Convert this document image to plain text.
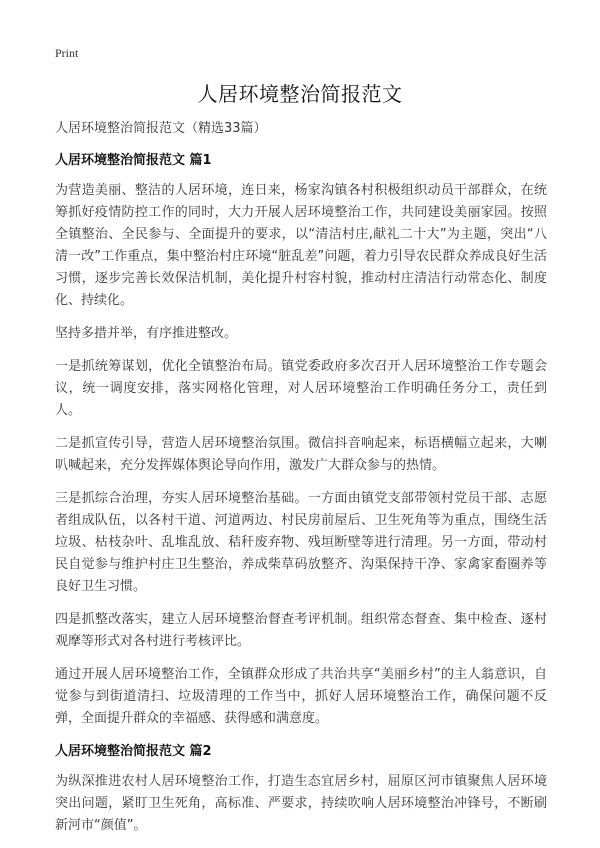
Print
人居环境整治简报范文
人居环境整治简报范文（精选33篇）
人居环境整治简报范文 篇1

为营造美丽、整洁的人居环境，连日来，杨家沟镇各村积极组织动员干部群众，在统筹抓好疫情防控工作的同时，大力开展人居环境整治工作，共同建设美丽家园。按照全镇整治、全民参与、全面提升的要求，以“清洁村庄,献礼二十大”为主题，突出“八清一改”工作重点，集中整治村庄环境“脏乱差”问题，着力引导农民群众养成良好生活习惯，逐步完善长效保洁机制，美化提升村容村貌，推动村庄清洁行动常态化、制度化、持续化。

坚持多措并举，有序推进整改。

一是抓统筹谋划，优化全镇整治布局。镇党委政府多次召开人居环境整治工作专题会议，统一调度安排，落实网格化管理，对人居环境整治工作明确任务分工，责任到人。

二是抓宣传引导，营造人居环境整治氛围。微信抖音响起来，标语横幅立起来，大喇叭喊起来，充分发挥媒体舆论导向作用，激发广大群众参与的热情。

三是抓综合治理，夯实人居环境整治基础。一方面由镇党支部带领村党员干部、志愿者组成队伍，以各村干道、河道两边、村民房前屋后、卫生死角等为重点，围绕生活垃圾、枯枝杂叶、乱堆乱放、秸秆废弃物、残垣断壁等进行清理。另一方面，带动村民自觉参与维护村庄卫生整治，养成柴草码放整齐、沟渠保持干净、家禽家畜圈养等良好卫生习惯。

四是抓整改落实，建立人居环境整治督查考评机制。组织常态督查、集中检查、逐村观摩等形式对各村进行考核评比。

通过开展人居环境整治工作，全镇群众形成了共治共享“美丽乡村”的主人翁意识，自觉参与到街道清扫、垃圾清理的工作当中，抓好人居环境整治工作，确保问题不反弹，全面提升群众的幸福感、获得感和满意度。

人居环境整治简报范文 篇2

为纵深推进农村人居环境整治工作，打造生态宜居乡村，屈原区河市镇聚焦人居环境突出问题，紧盯卫生死角，高标准、严要求，持续吹响人居环境整治冲锋号，不断刷新河市“颜值”。
